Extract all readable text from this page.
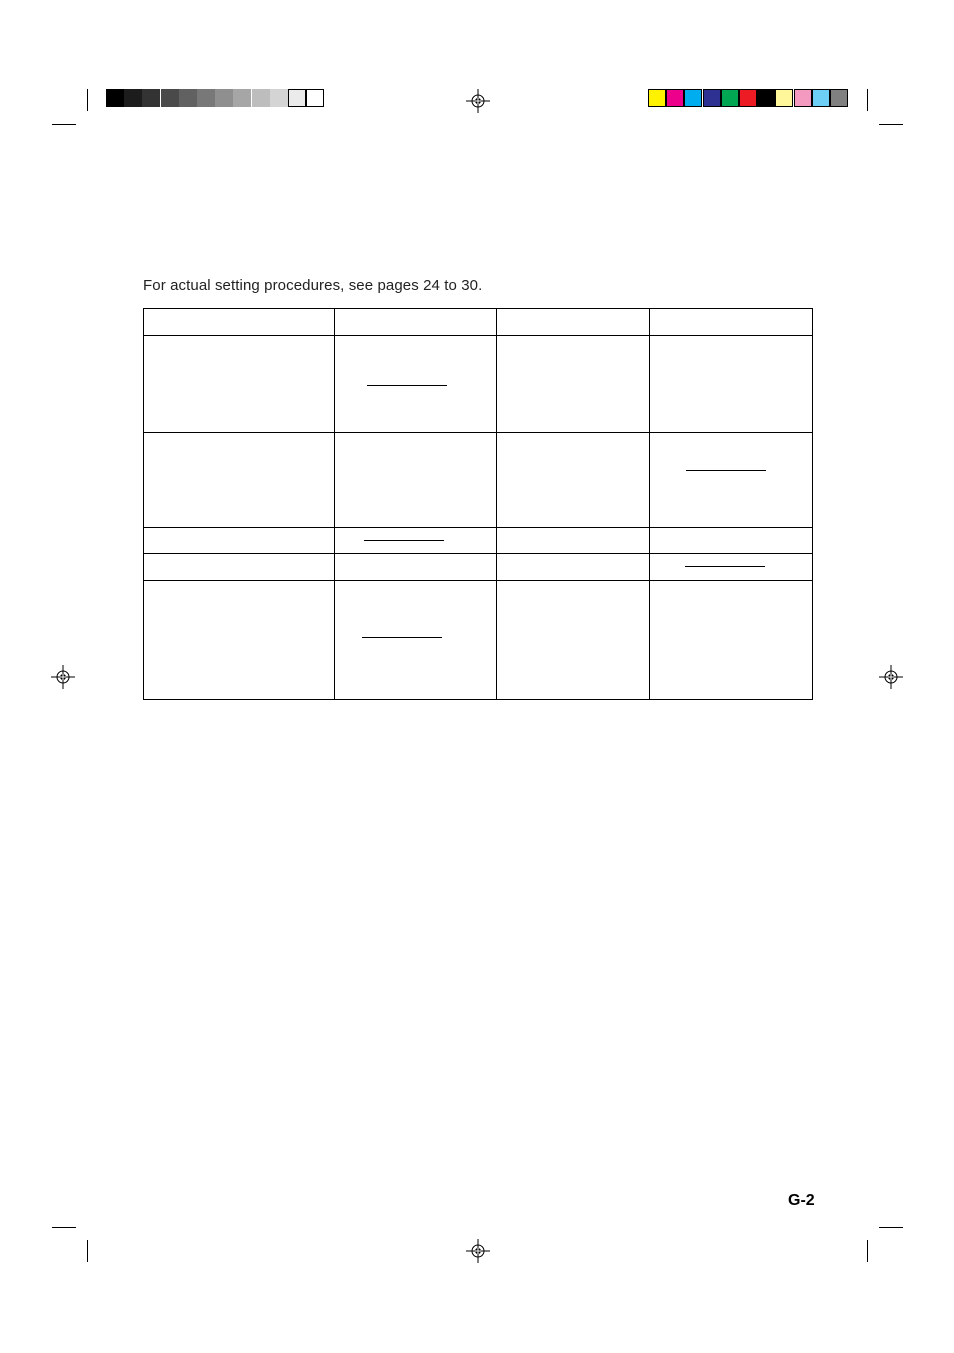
For actual setting procedures, see pages 24 to 30.
G-2
